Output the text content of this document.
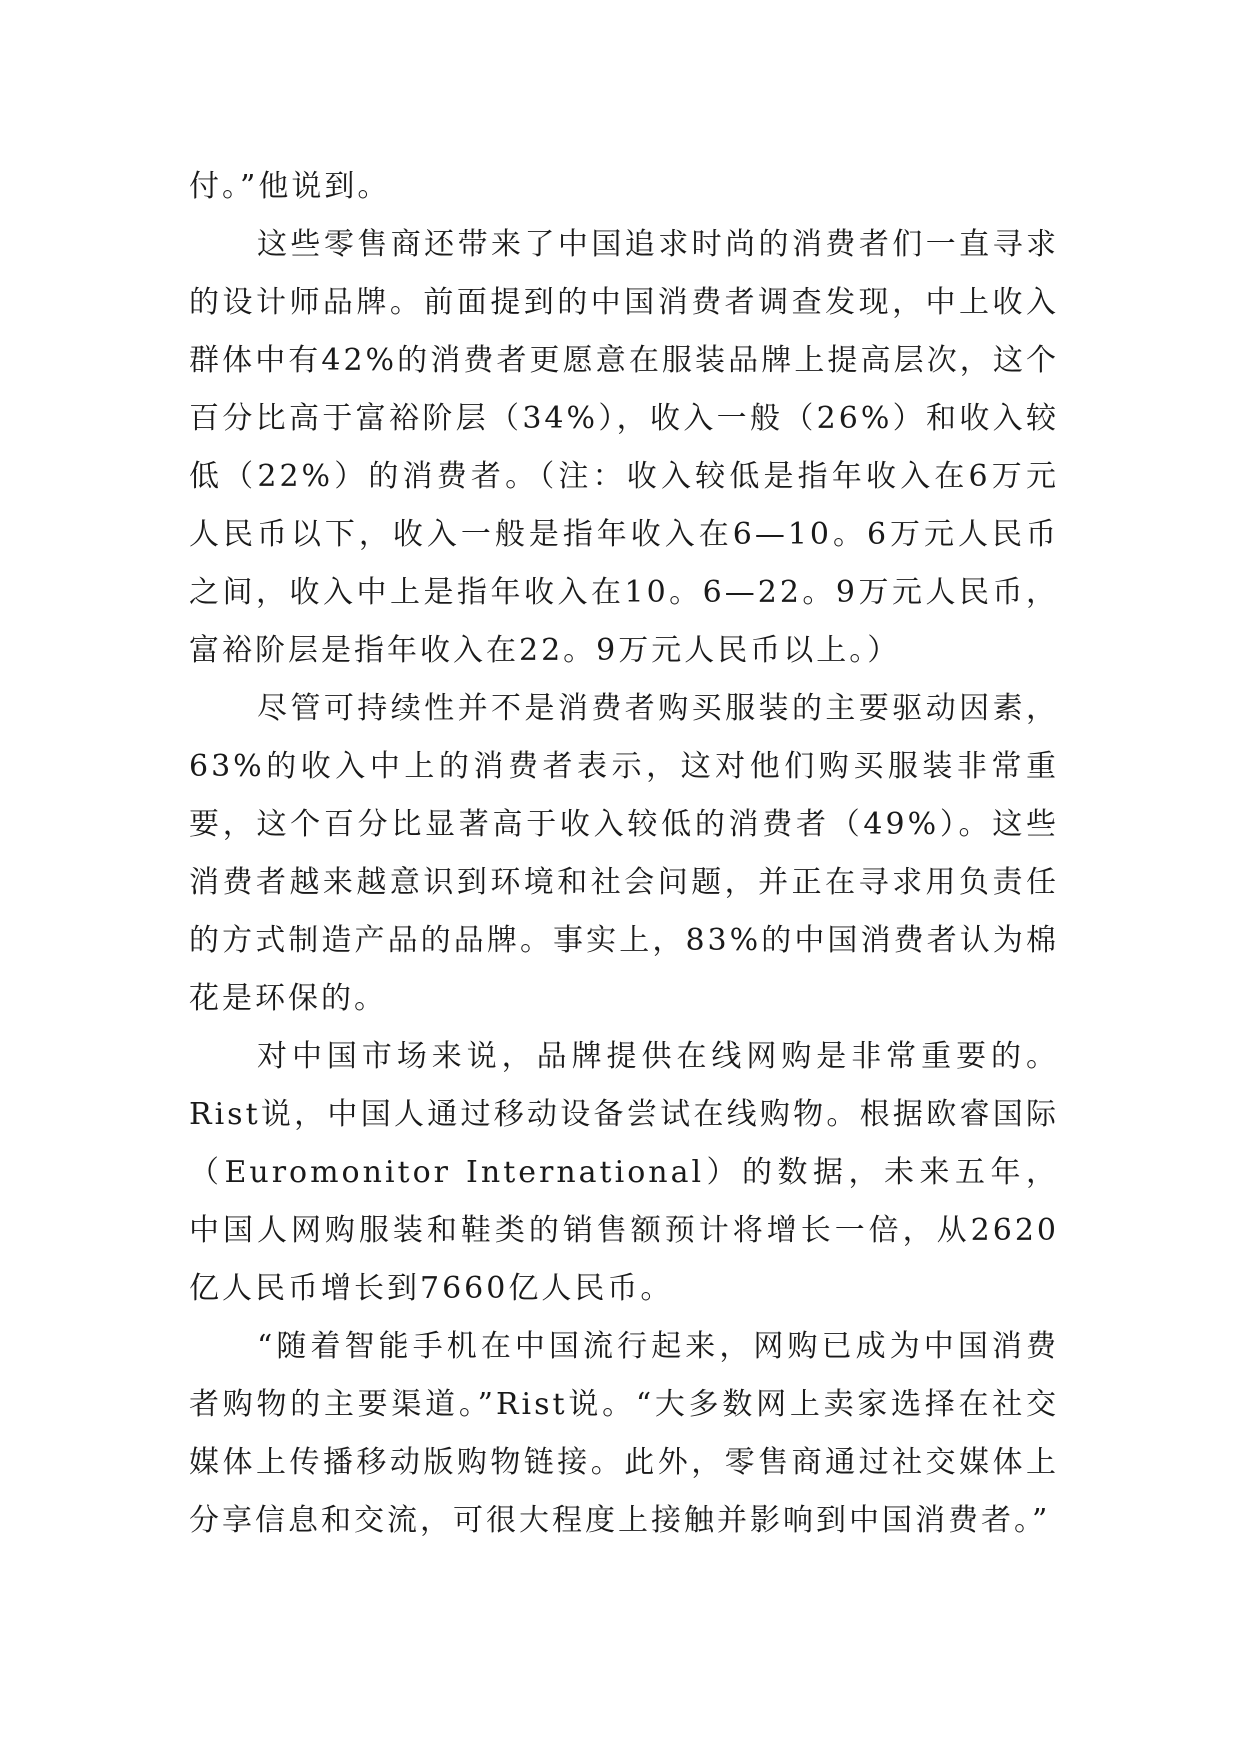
付。”他说到。

这些零售商还带来了中国追求时尚的消费者们一直寻求的设计师品牌。前面提到的中国消费者调查发现，中上收入群体中有42%的消费者更愿意在服装品牌上提高层次，这个百分比高于富裕阶层（34%），收入一般（26%）和收入较低（22%）的消费者。（注：收入较低是指年收入在6万元人民币以下，收入一般是指年收入在6—10。6万元人民币之间，收入中上是指年收入在10。6—22。9万元人民币，富裕阶层是指年收入在22。9万元人民币以上。）

尽管可持续性并不是消费者购买服装的主要驱动因素，63%的收入中上的消费者表示，这对他们购买服装非常重要，这个百分比显著高于收入较低的消费者（49%）。这些消费者越来越意识到环境和社会问题，并正在寻求用负责任的方式制造产品的品牌。事实上，83%的中国消费者认为棉花是环保的。

对中国市场来说，品牌提供在线网购是非常重要的。Rist说，中国人通过移动设备尝试在线购物。根据欧睿国际（Euromonitor International）的数据，未来五年，中国人网购服装和鞋类的销售额预计将增长一倍，从2620亿人民币增长到7660亿人民币。

“随着智能手机在中国流行起来，网购已成为中国消费者购物的主要渠道。”Rist说。“大多数网上卖家选择在社交媒体上传播移动版购物链接。此外，零售商通过社交媒体上分享信息和交流，可很大程度上接触并影响到中国消费者。”
